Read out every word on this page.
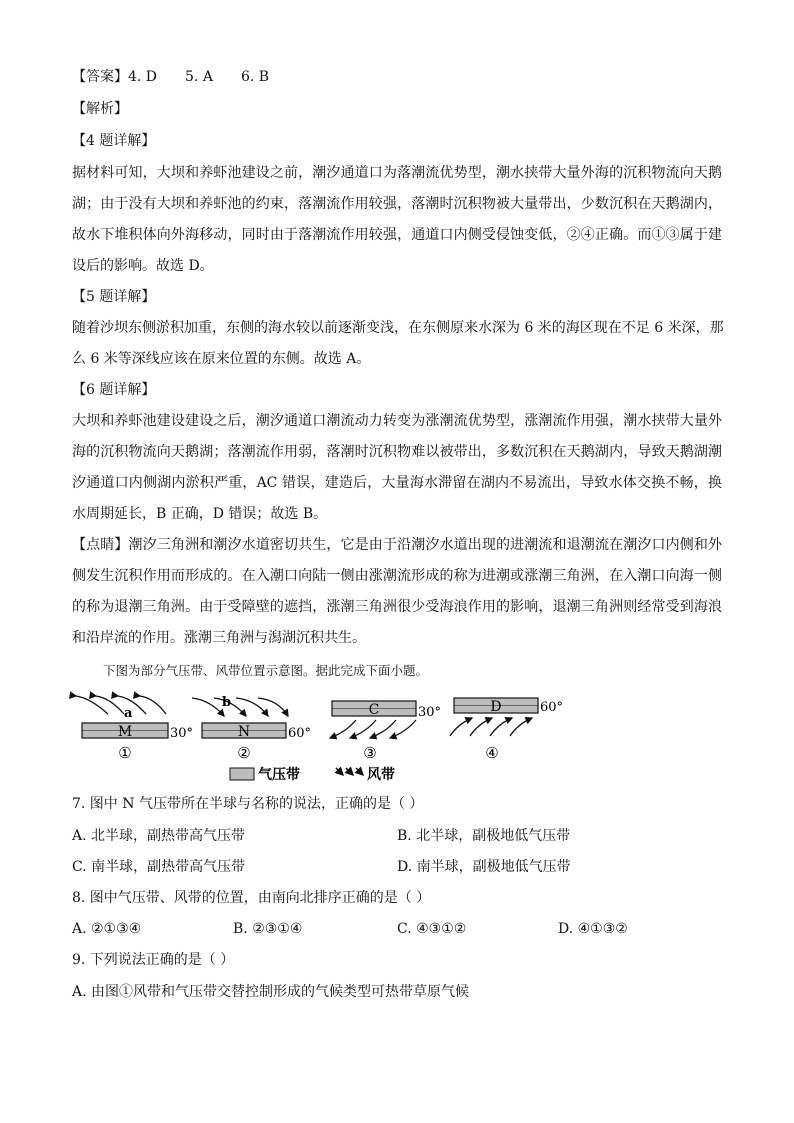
【答案】4. D 5. A 6. B
【解析】
【4 题详解】
据材料可知，大坝和养虾池建设之前，潮汐通道口为落潮流优势型，潮水挟带大量外海的沉积物流向天鹅
湖；由于没有大坝和养虾池的约束，落潮流作用较强，落潮时沉积物被大量带出，少数沉积在天鹅湖内，
故水下堆积体向外海移动，同时由于落潮流作用较强，通道口内侧受侵蚀变低，②④正确。而①③属于建
设后的影响。故选 D。
【5 题详解】
随着沙坝东侧淤积加重，东侧的海水较以前逐渐变浅，在东侧原来水深为 6 米的海区现在不足 6 米深，那
么 6 米等深线应该在原来位置的东侧。故选 A。
【6 题详解】
大坝和养虾池建设建设之后，潮汐通道口潮流动力转变为涨潮流优势型，涨潮流作用强，潮水挟带大量外
海的沉积物流向天鹅湖；落潮流作用弱，落潮时沉积物难以被带出，多数沉积在天鹅湖内，导致天鹅湖潮
汐通道口内侧湖内淤积严重，AC 错误，建造后，大量海水滞留在湖内不易流出，导致水体交换不畅，换
水周期延长，B 正确，D 错误；故选 B。
【点睛】潮汐三角洲和潮汐水道密切共生，它是由于沿潮汐水道出现的进潮流和退潮流在潮汐口内侧和外
侧发生沉积作用而形成的。在入潮口向陆一侧由涨潮流形成的称为进潮或涨潮三角洲，在入潮口向海一侧
的称为退潮三角洲。由于受障壁的遮挡，涨潮三角洲很少受海浪作用的影响，退潮三角洲则经常受到海浪
和沿岸流的作用。涨潮三角洲与潟湖沉积共生。
下图为部分气压带、风带位置示意图。据此完成下面小题。
a
M	30°
①
b
N	60°
②
C	30°
③
D	60°
④
气压带	风带
7. 图中 N 气压带所在半球与名称的说法，正确的是（ ）
A. 北半球，副热带高气压带	B. 北半球，副极地低气压带
C. 南半球，副热带高气压带	D. 南半球，副极地低气压带
8. 图中气压带、风带的位置，由南向北排序正确的是（ ）
A. ②①③④	B. ②③①④	C. ④③①②	D. ④①③②
9. 下列说法正确的是（ ）
A. 由图①风带和气压带交替控制形成的气候类型可热带草原气候
